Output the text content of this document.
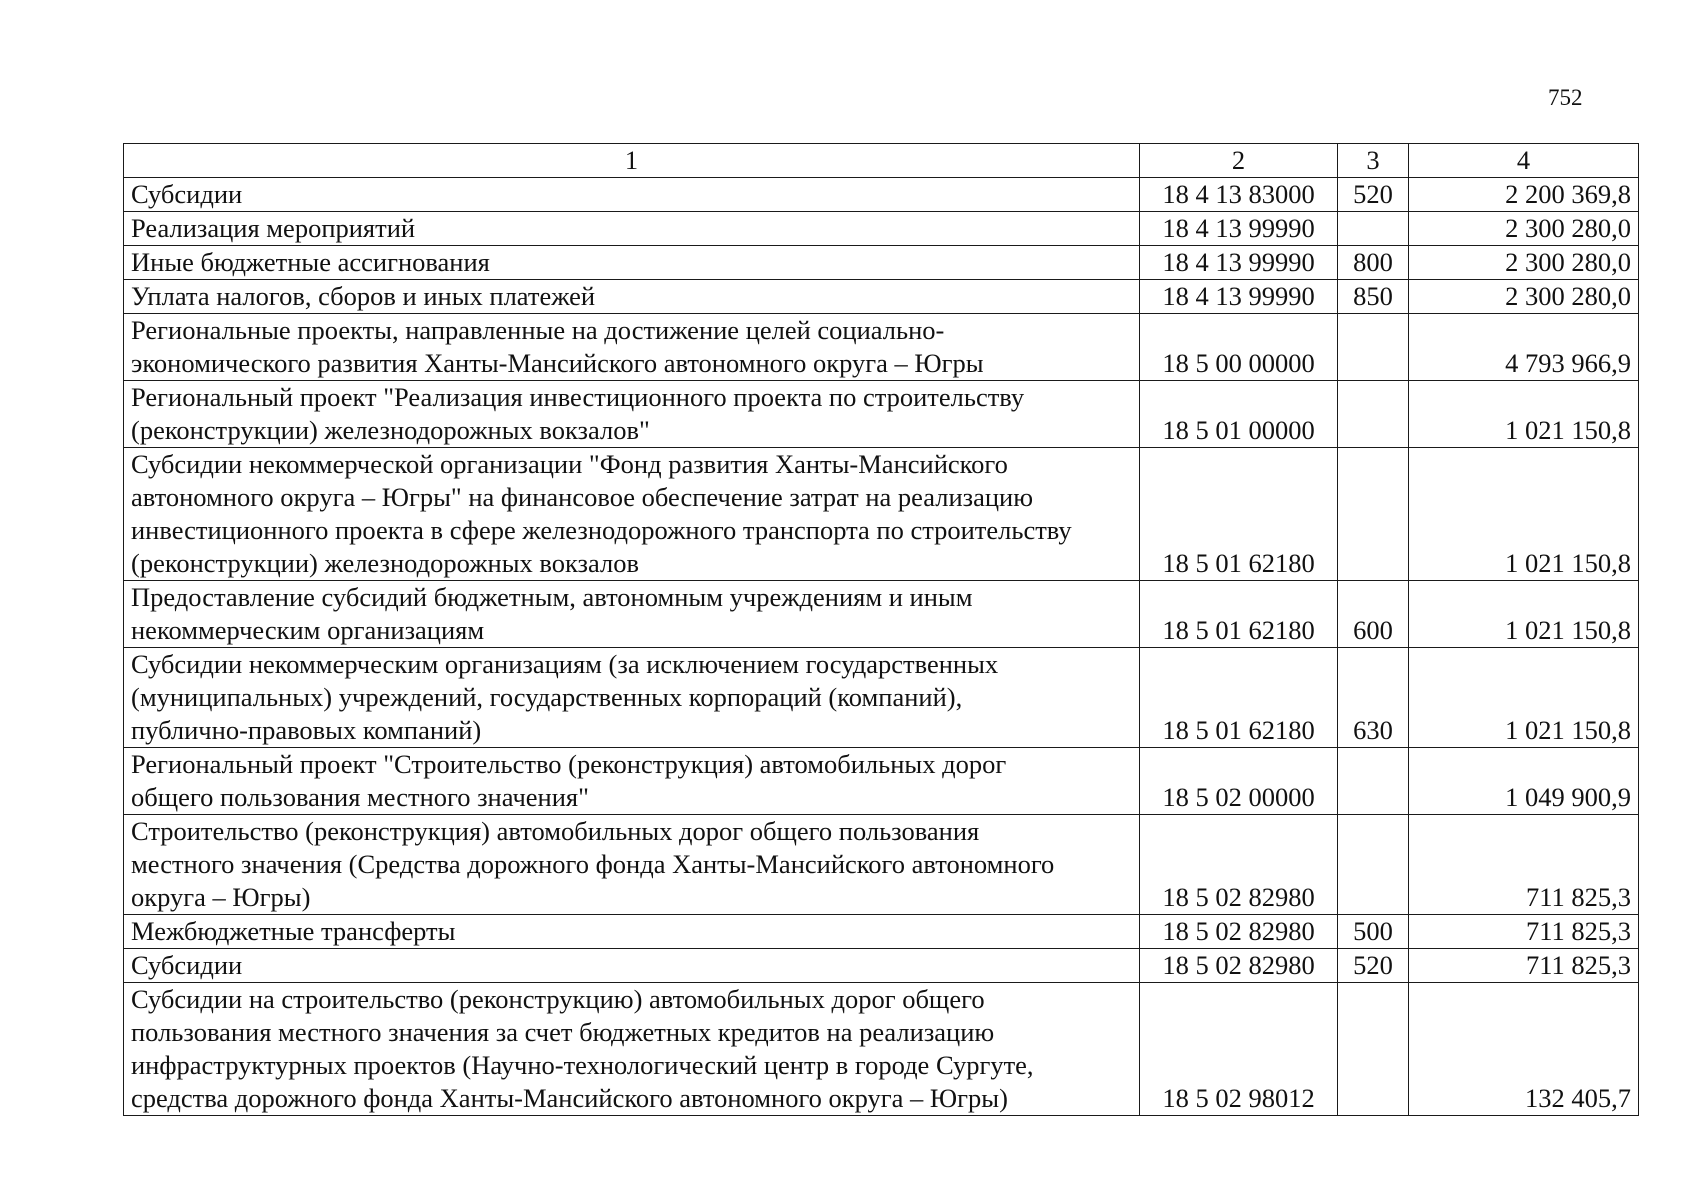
752
1	2	3	4

Субсидии	18 4 13 83000	520	2 200 369,8

Реализация мероприятий	18 4 13 99990		2 300 280,0

Иные бюджетные ассигнования	18 4 13 99990	800	2 300 280,0

Уплата налогов, сборов и иных платежей	18 4 13 99990	850	2 300 280,0

Региональные проекты, направленные на достижение целей социально-
экономического развития Ханты-Мансийского автономного округа – Югры	18 5 00 00000		4 793 966,9

Региональный проект "Реализация инвестиционного проекта по строительству
(реконструкции) железнодорожных вокзалов"	18 5 01 00000		1 021 150,8

Субсидии некоммерческой организации "Фонд развития Ханты-Мансийского
автономного округа – Югры" на финансовое обеспечение затрат на реализацию
инвестиционного проекта в сфере железнодорожного транспорта по строительству
(реконструкции) железнодорожных вокзалов	18 5 01 62180		1 021 150,8

Предоставление субсидий бюджетным, автономным учреждениям и иным
некоммерческим организациям	18 5 01 62180	600	1 021 150,8

Субсидии некоммерческим организациям (за исключением государственных
(муниципальных) учреждений, государственных корпораций (компаний),
публично-правовых компаний)	18 5 01 62180	630	1 021 150,8

Региональный проект "Строительство (реконструкция) автомобильных дорог
общего пользования местного значения"	18 5 02 00000		1 049 900,9

Строительство (реконструкция) автомобильных дорог общего пользования
местного значения (Средства дорожного фонда Ханты-Мансийского автономного
округа – Югры)	18 5 02 82980		711 825,3

Межбюджетные трансферты	18 5 02 82980	500	711 825,3

Субсидии	18 5 02 82980	520	711 825,3

Субсидии на строительство (реконструкцию) автомобильных дорог общего
пользования местного значения за счет бюджетных кредитов на реализацию
инфраструктурных проектов (Научно-технологический центр в городе Сургуте,
средства дорожного фонда Ханты-Мансийского автономного округа – Югры)	18 5 02 98012		132 405,7
